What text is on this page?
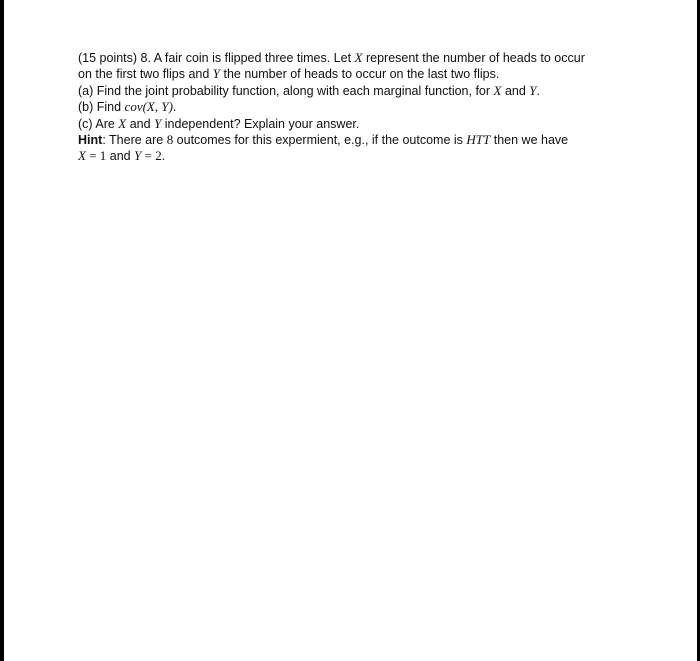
(15 points) 8. A fair coin is flipped three times. Let X represent the number of heads to occur
on the first two flips and Y the number of heads to occur on the last two flips.
(a) Find the joint probability function, along with each marginal function, for X and Y.
(b) Find cov(X, Y).
(c) Are X and Y independent? Explain your answer.
Hint: There are 8 outcomes for this expermient, e.g., if the outcome is HTT then we have
X = 1 and Y = 2.
